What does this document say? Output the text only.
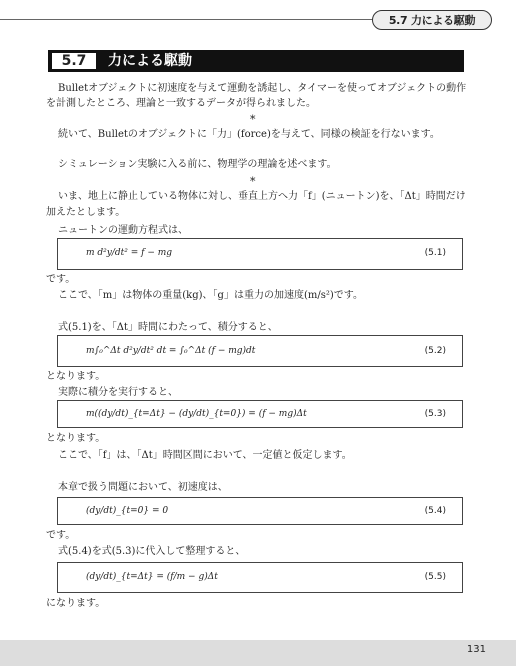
5.7 力による駆動
5.7	力による駆動
Bulletオブジェクトに初速度を与えて運動を誘起し、タイマーを使ってオブジェクトの動作
を計測したところ、理論と一致するデータが得られました。
*
続いて、Bulletのオブジェクトに「力」(force)を与えて、同様の検証を行ないます。
シミュレーション実験に入る前に、物理学の理論を述べます。
*
いま、地上に静止している物体に対し、垂直上方へ力「f」(ニュートン)を、「Δt」時間だけ
加えたとします。
ニュートンの運動方程式は、
m d²y/dt² = f − mg	(5.1)
です。
ここで、「m」は物体の重量(kg)、「g」は重力の加速度(m/s²)です。
式(5.1)を、「Δt」時間にわたって、積分すると、
m∫₀^Δt d²y/dt² dt = ∫₀^Δt (f − mg)dt	(5.2)
となります。
実際に積分を実行すると、
m((dy/dt)_{t=Δt} − (dy/dt)_{t=0}) = (f − mg)Δt	(5.3)
となります。
ここで、「f」は、「Δt」時間区間において、一定値と仮定します。
本章で扱う問題において、初速度は、
(dy/dt)_{t=0} = 0	(5.4)
です。
式(5.4)を式(5.3)に代入して整理すると、
(dy/dt)_{t=Δt} = (f/m − g)Δt	(5.5)
になります。
131
